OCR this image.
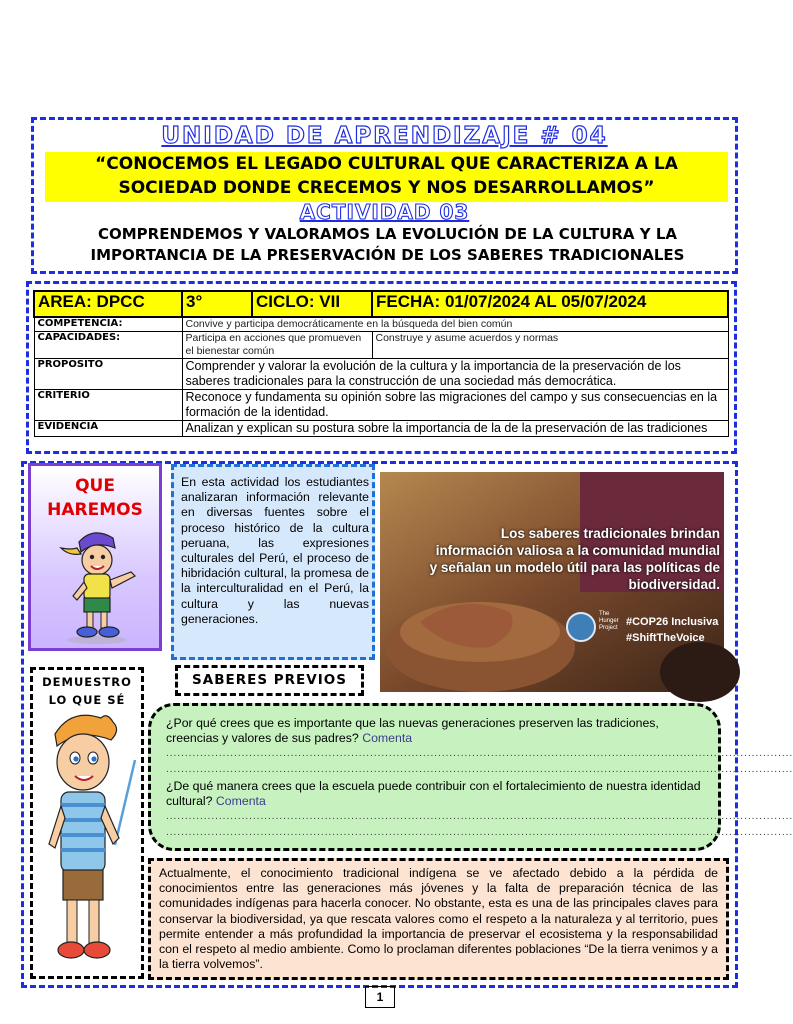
UNIDAD DE APRENDIZAJE # 04
“CONOCEMOS EL LEGADO CULTURAL QUE CARACTERIZA A LA SOCIEDAD DONDE CRECEMOS Y NOS DESARROLLAMOS”
ACTIVIDAD 03
COMPRENDEMOS Y VALORAMOS LA EVOLUCIÓN DE LA CULTURA Y LA IMPORTANCIA DE LA PRESERVACIÓN DE LOS SABERES TRADICIONALES
AREA: DPCC	3°	CICLO: VII	FECHA: 01/07/2024 AL 05/07/2024
COMPETENCIA:	Convive y participa democráticamente en la búsqueda del bien común		
CAPACIDADES:	Participa en acciones que promueven el bienestar común		Construye y asume acuerdos y normas
PROPOSITO	Comprender y valorar la evolución de la cultura y la importancia de la preservación de los saberes tradicionales para la construcción de una sociedad más democrática.		
CRITERIO	Reconoce y fundamenta su opinión sobre las migraciones del campo y sus consecuencias en la formación de la identidad.		
EVIDENCIA	Analizan y explican su postura sobre la importancia de la de la preservación de las tradiciones		
QUE
HAREMOS
En esta actividad los estudiantes analizaran información relevante en diversas fuentes sobre el proceso histórico de la cultura peruana, las expresiones culturales del Perú, el proceso de hibridación cultural, la promesa de la interculturalidad en el Perú, la cultura y las nuevas generaciones.
Los saberes tradicionales brindan información valiosa a la comunidad mundial y señalan un modelo útil para las políticas de biodiversidad.
The Hunger Project #COP26 Inclusiva
#ShiftTheVoice
DEMUESTRO
LO QUE SÉ
SABERES PREVIOS
¿Por qué crees que es importante que las nuevas generaciones preserven las tradiciones, creencias y valores de sus padres? Comenta
......................................................................................................................................................................
......................................................................................................................................................................
¿De qué manera crees que la escuela puede contribuir con el fortalecimiento de nuestra identidad cultural? Comenta
......................................................................................................................................................................
......................................................................................................................................................................
Actualmente, el conocimiento tradicional indígena se ve afectado debido a la pérdida de conocimientos entre las generaciones más jóvenes y la falta de preparación técnica de las comunidades indígenas para hacerla conocer. No obstante, esta es una de las principales claves para conservar la biodiversidad, ya que rescata valores como el respeto a la naturaleza y al territorio, pues permite entender a más profundidad la importancia de preservar el ecosistema y la responsabilidad con el respeto al medio ambiente. Como lo proclaman diferentes poblaciones “De la tierra venimos y a la tierra volvemos”.
1
